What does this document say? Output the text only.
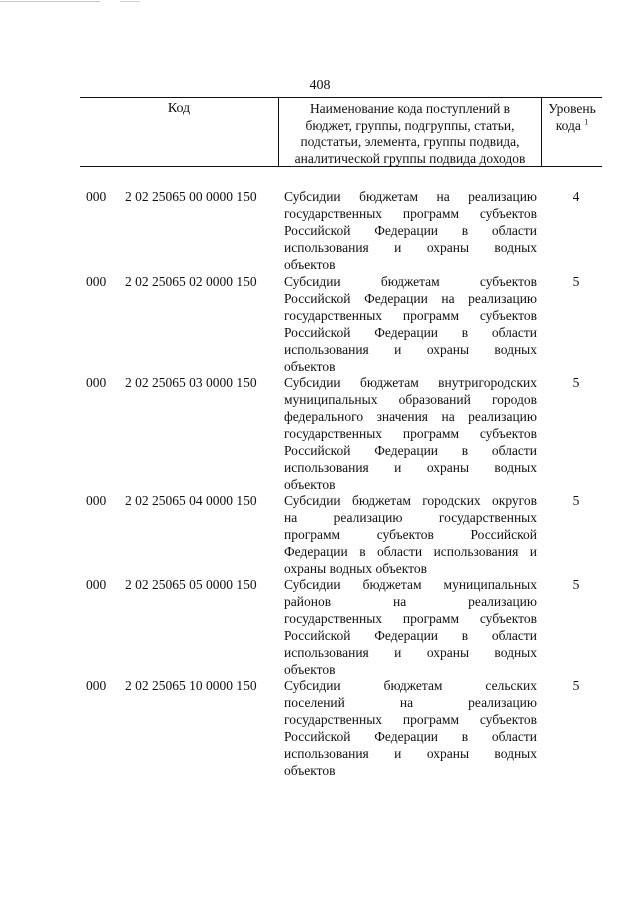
408
Код	Наименование кода поступлений в
бюджет, группы, подгруппы, статьи,
подстатьи, элемента, группы подвида,
аналитической группы подвида доходов
Уровень
кода $^1$
000 2 02 25065 00 0000 150 Субсидии бюджетам на реализацию
государственных программ субъектов
Российской Федерации в области
использования и охраны водных
объектов
4
000 2 02 25065 02 0000 150 Субсидии бюджетам субъектов
Российской Федерации на реализацию
государственных программ субъектов
Российской Федерации в области
использования и охраны водных
объектов
5
000 2 02 25065 03 0000 150 Субсидии бюджетам внутригородских
муниципальных образований городов
федерального значения на реализацию
государственных программ субъектов
Российской Федерации в области
использования и охраны водных
объектов
5
000 2 02 25065 04 0000 150 Субсидии бюджетам городских округов
на реализацию государственных
программ субъектов Российской
Федерации в области использования и
охраны водных объектов
5
000 2 02 25065 05 0000 150 Субсидии бюджетам муниципальных
районов на реализацию
государственных программ субъектов
Российской Федерации в области
использования и охраны водных
объектов
5
000 2 02 25065 10 0000 150 Субсидии бюджетам сельских
поселений на реализацию
государственных программ субъектов
Российской Федерации в области
использования и охраны водных
объектов
5
